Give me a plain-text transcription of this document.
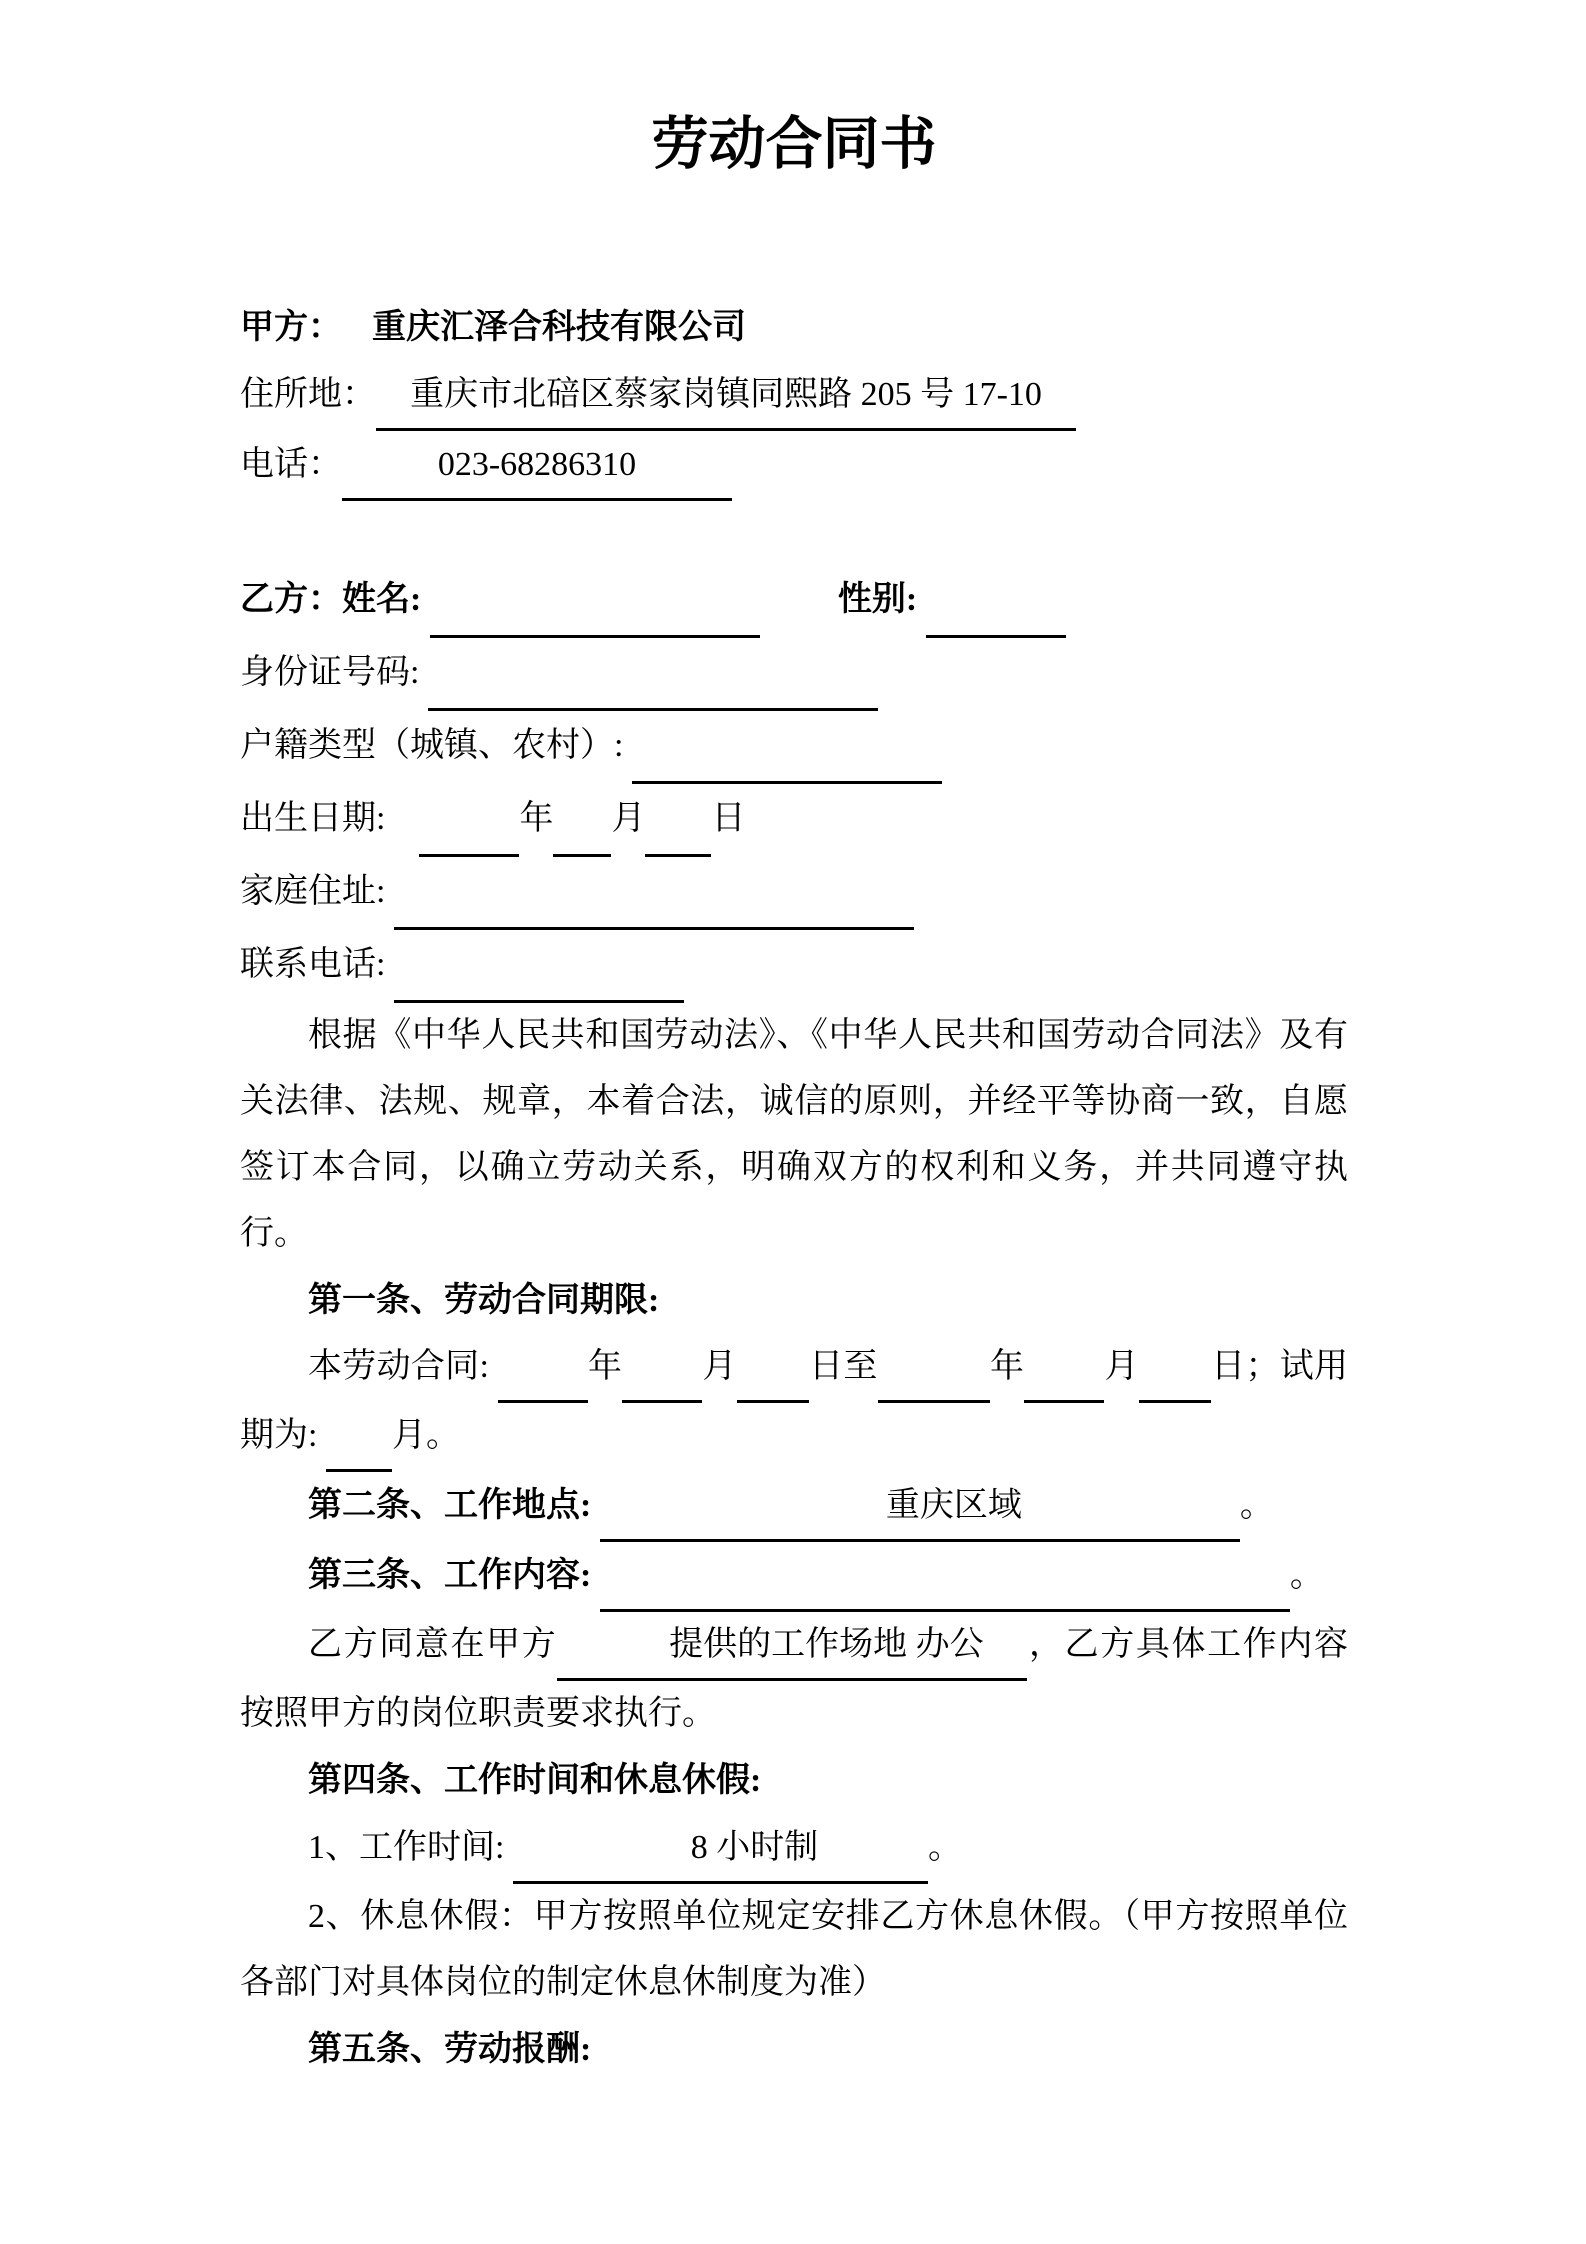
劳动合同书

甲方： 重庆汇泽合科技有限公司

住所地： 重庆市北碚区蔡家岗镇同熙路 205 号 17-10

电话：	023-68286310

乙方：姓名:	性别:

身份证号码:

户籍类型（城镇、农村）:

出生日期:	年 月 日

家庭住址:

联系电话:

根据《中华人民共和国劳动法》、《中华人民共和国劳动合同法》及有关法律、法规、规章，本着合法，诚信的原则，并经平等协商一致，自愿签订本合同，以确立劳动关系，明确双方的权利和义务，并共同遵守执行。

第一条、劳动合同期限:

本劳动合同:	年 月 日至	年 月 日；试用期为: 月。

第二条、工作地点:	重庆区域	。

第三条、工作内容:	。

乙方同意在甲方	提供的工作场地 办公 ，乙方具体工作内容按照甲方的岗位职责要求执行。

第四条、工作时间和休息休假:

1、工作时间:	8 小时制	。

2、休息休假：甲方按照单位规定安排乙方休息休假。（甲方按照单位各部门对具体岗位的制定休息休制度为准）

第五条、劳动报酬:
